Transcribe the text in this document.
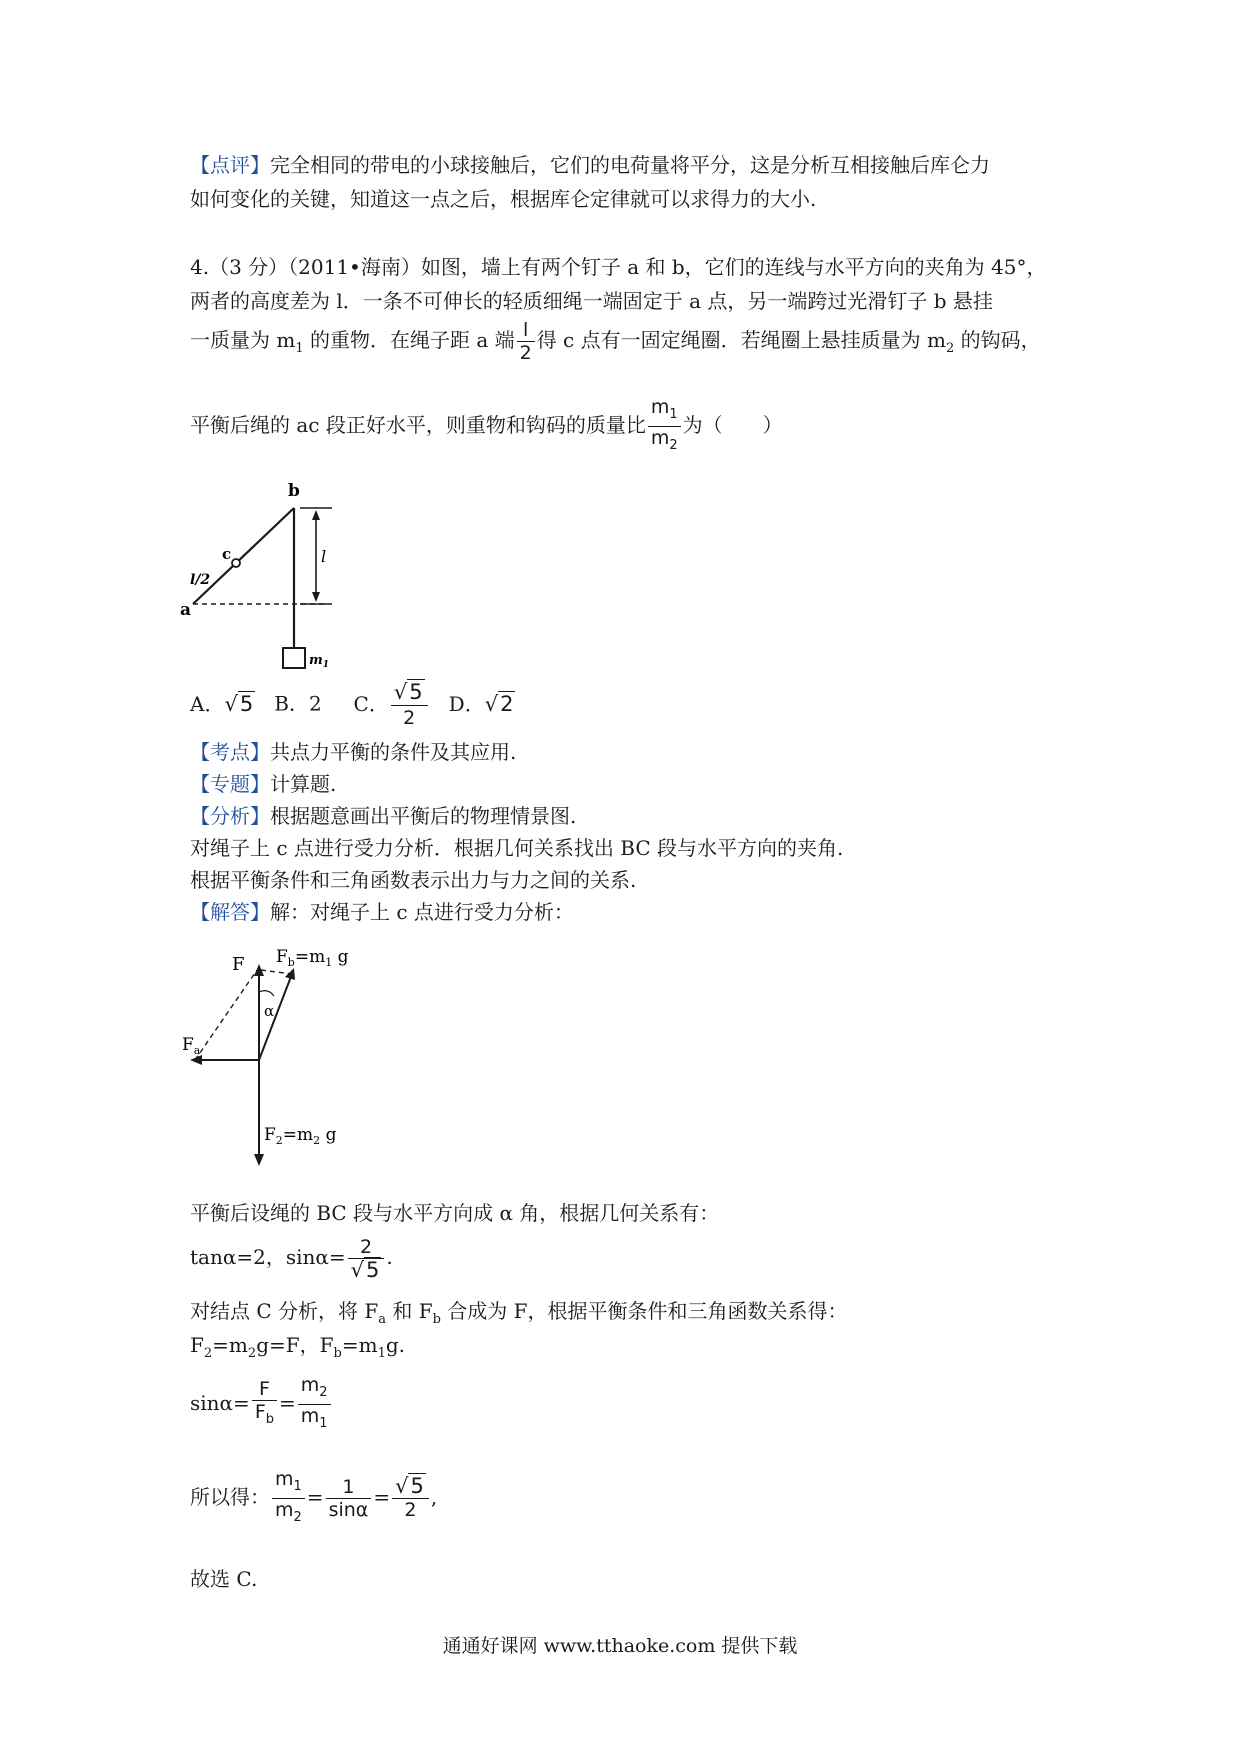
【点评】完全相同的带电的小球接触后，它们的电荷量将平分，这是分析互相接触后库仑力
如何变化的关键，知道这一点之后，根据库仑定律就可以求得力的大小.
4.（3 分）（2011•海南）如图，墙上有两个钉子 a 和 b，它们的连线与水平方向的夹角为 45°，
两者的高度差为 l．一条不可伸长的轻质细绳一端固定于 a 点，另一端跨过光滑钉子 b 悬挂
一质量为 $m_1$ 的重物．在绳子距 a 端 $\frac{l}{2}$ 得 c 点有一固定绳圈．若绳圈上悬挂质量为 $m_2$ 的钩码，
平衡后绳的 ac 段正好水平，则重物和钩码的质量比 $\frac{m_1}{m_2}$ 为（　　）
b
a
c
l/2
l
$m_1$
A．√5 B．2 C． $\frac{√5}{2}$ D．√2
【考点】共点力平衡的条件及其应用.
【专题】计算题.
【分析】根据题意画出平衡后的物理情景图.
对绳子上 c 点进行受力分析．根据几何关系找出 BC 段与水平方向的夹角.
根据平衡条件和三角函数表示出力与力之间的关系.
【解答】解：对绳子上 c 点进行受力分析：
F $F_b=m_1$ g
α
$F_a$
$F_2=m_2$ g
平衡后设绳的 BC 段与水平方向成 α 角，根据几何关系有：
tanα=2，$\sin\alpha= \frac{2}{√5}$ .
对结点 C 分析，将 $F_a$ 和 $F_b$ 合成为 F，根据平衡条件和三角函数关系得：
$F_2=m_2g=F$，$F_b=m_1g$.
$\sin\alpha= \frac{F}{F_b} = \frac{m_2}{m_1}$
所以得： $\frac{m_1}{m_2} = \frac{1}{\sin\alpha} = \frac{√5}{2}$ ,
故选 C.
通通好课网 www.tthaoke.com 提供下载
